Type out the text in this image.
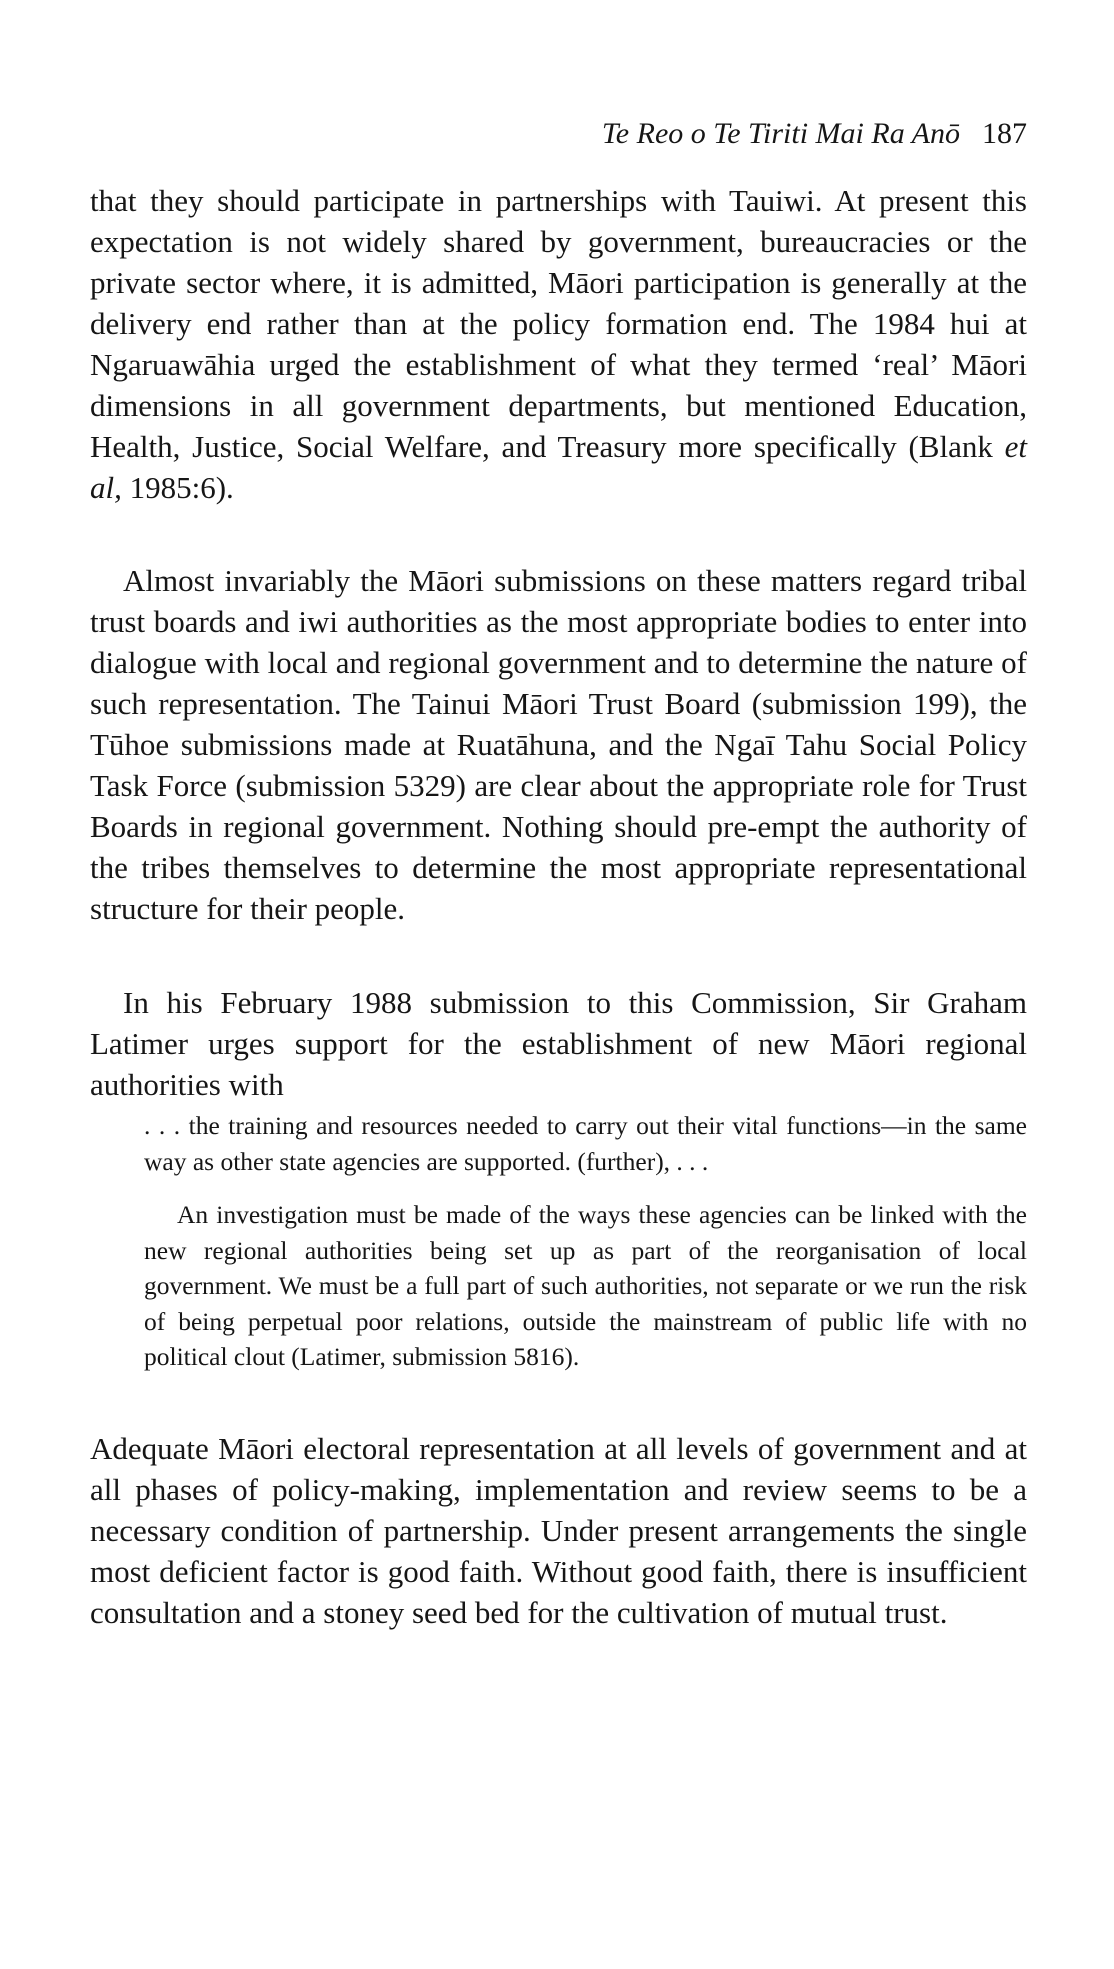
Te Reo o Te Tiriti Mai Ra Anō 187

that they should participate in partnerships with Tauiwi. At present this expectation is not widely shared by government, bureaucracies or the private sector where, it is admitted, Māori participation is generally at the delivery end rather than at the policy formation end. The 1984 hui at Ngaruawāhia urged the establishment of what they termed ‘real’ Māori dimensions in all government departments, but mentioned Education, Health, Justice, Social Welfare, and Treasury more specifically (Blank et al, 1985:6).

Almost invariably the Māori submissions on these matters regard tribal trust boards and iwi authorities as the most appropriate bodies to enter into dialogue with local and regional government and to determine the nature of such representation. The Tainui Māori Trust Board (submission 199), the Tūhoe submissions made at Ruatāhuna, and the Ngaī Tahu Social Policy Task Force (submission 5329) are clear about the appropriate role for Trust Boards in regional government. Nothing should pre-empt the authority of the tribes themselves to determine the most appropriate representational structure for their people.

In his February 1988 submission to this Commission, Sir Graham Latimer urges support for the establishment of new Māori regional authorities with

. . . the training and resources needed to carry out their vital functions—in the same way as other state agencies are supported. (further), . . .

An investigation must be made of the ways these agencies can be linked with the new regional authorities being set up as part of the reorganisation of local government. We must be a full part of such authorities, not separate or we run the risk of being perpetual poor relations, outside the mainstream of public life with no political clout (Latimer, submission 5816).

Adequate Māori electoral representation at all levels of government and at all phases of policy-making, implementation and review seems to be a necessary condition of partnership. Under present arrangements the single most deficient factor is good faith. Without good faith, there is insufficient consultation and a stoney seed bed for the cultivation of mutual trust.
